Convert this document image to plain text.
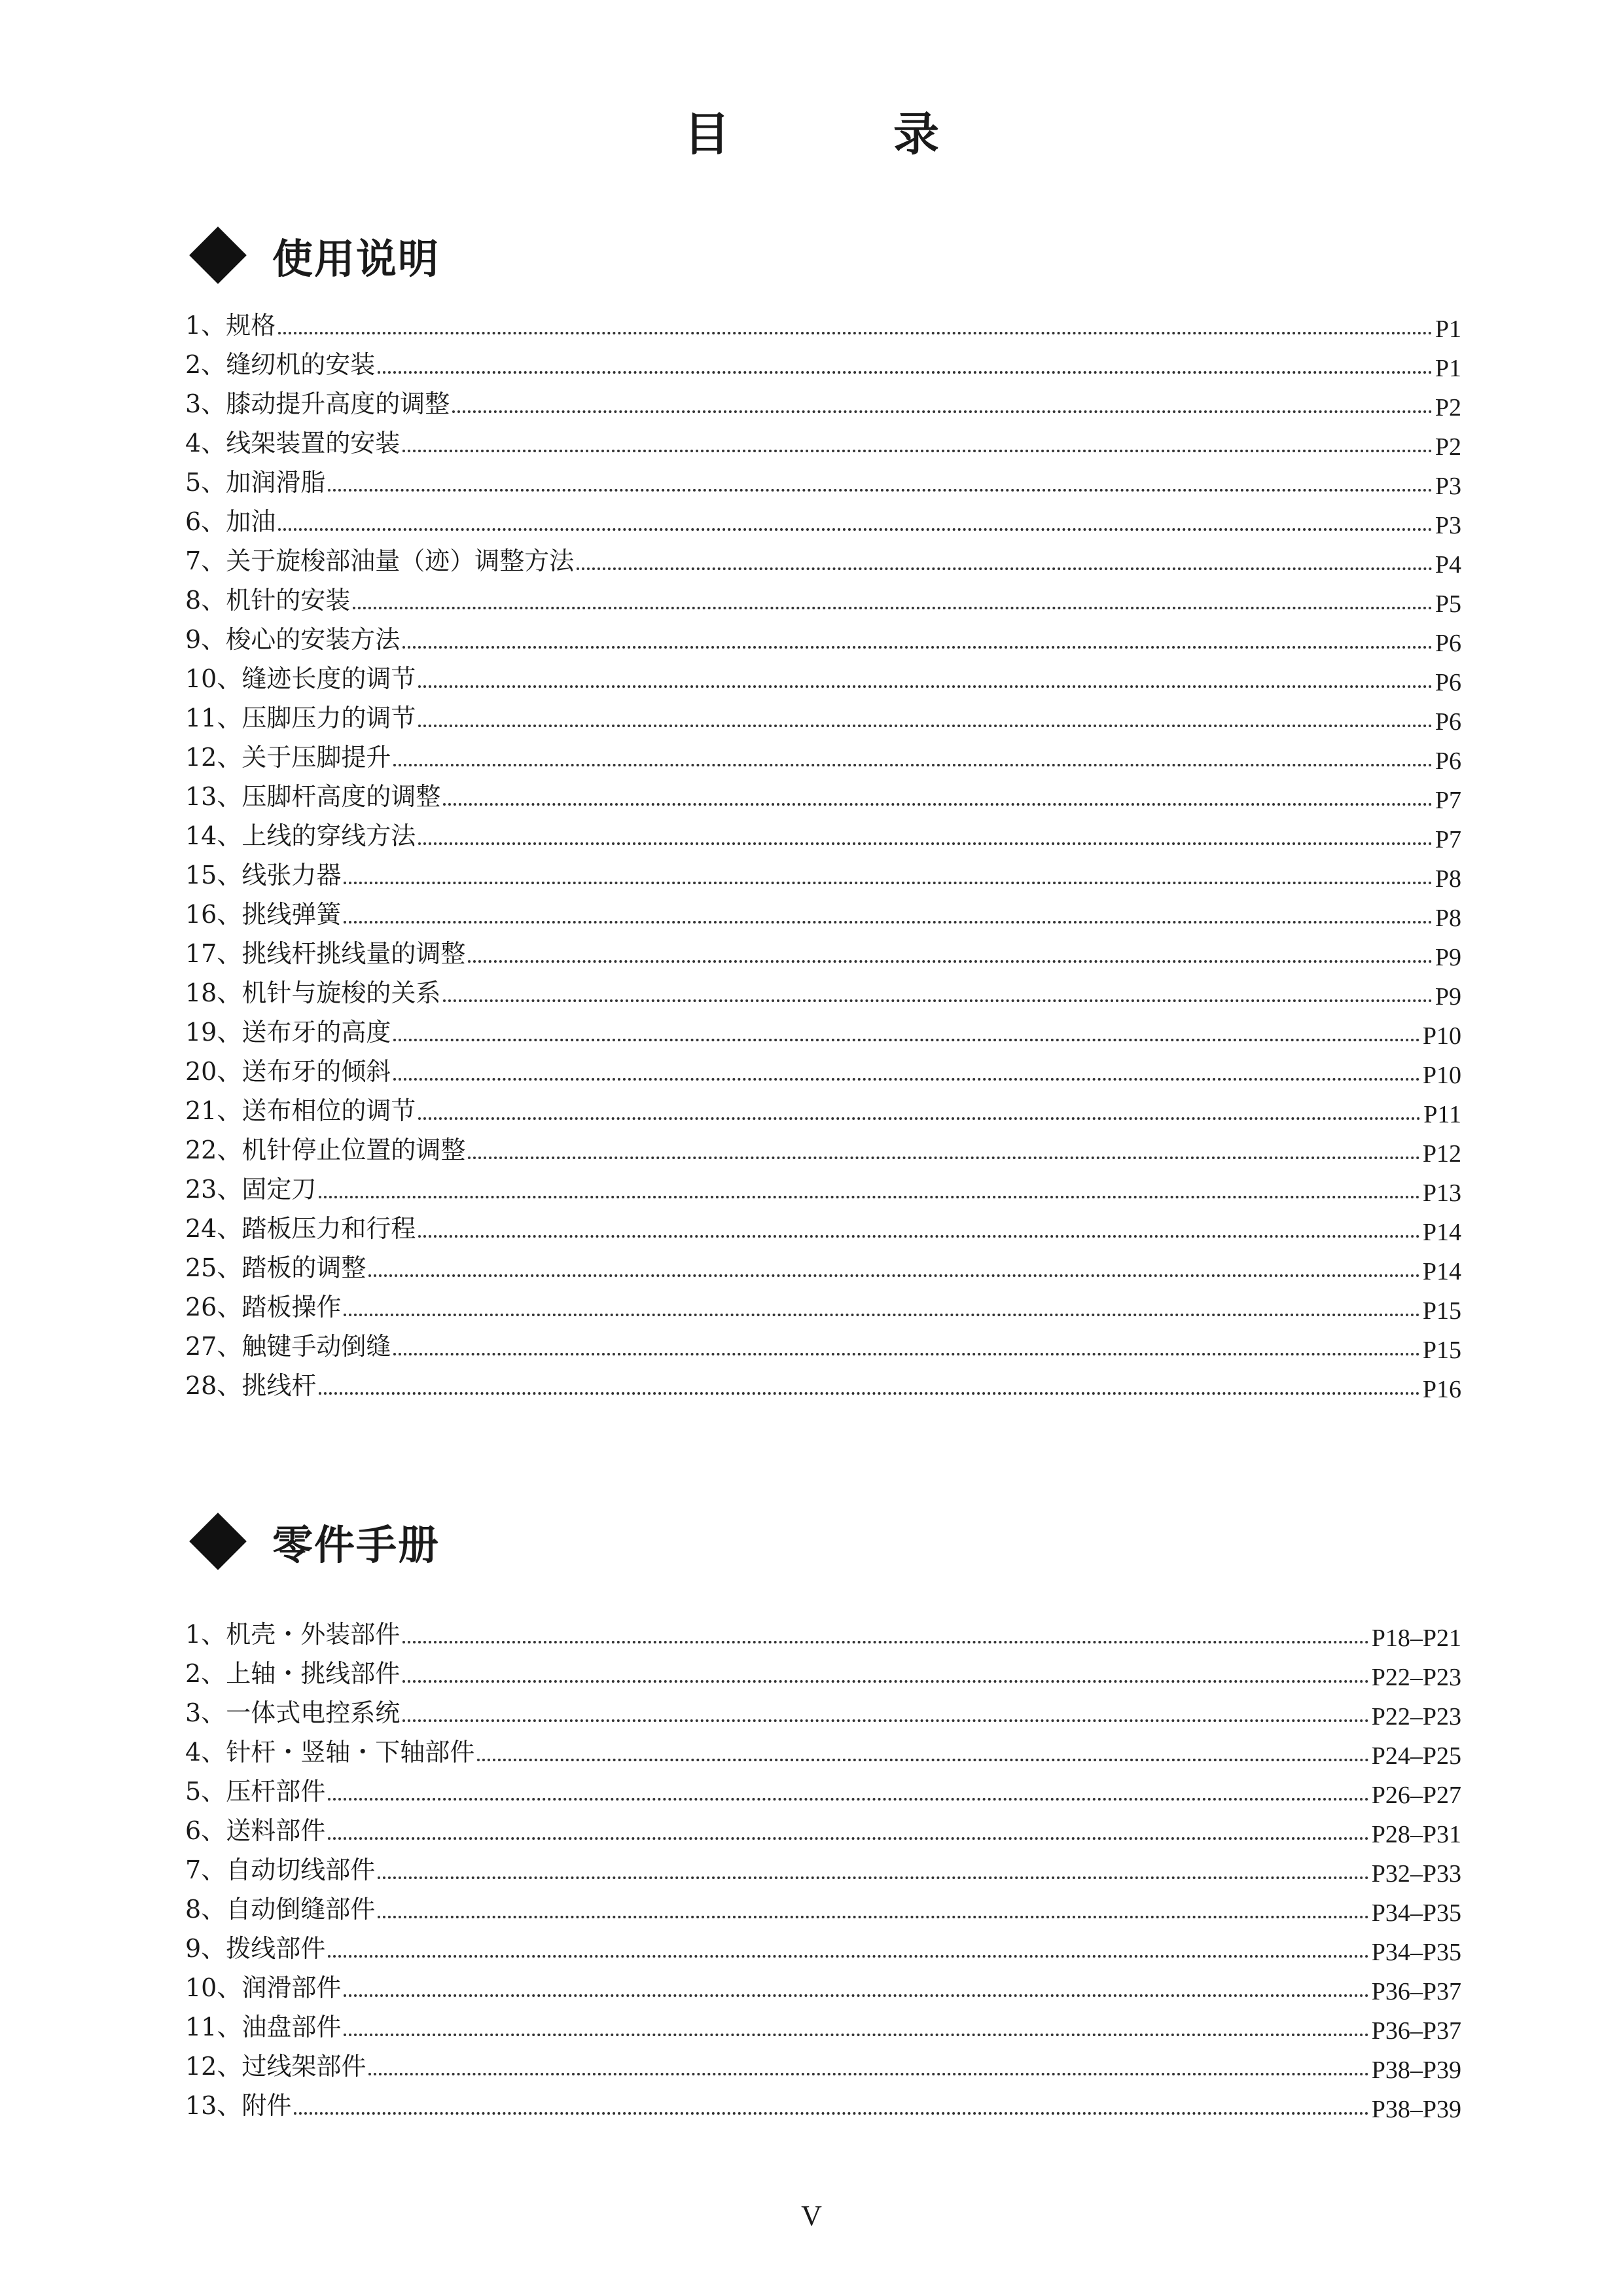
目　录
使用说明
1、 规格	P1
2、 缝纫机的安装	P1
3、 膝动提升高度的调整	P2
4、 线架装置的安装	P2
5、 加润滑脂	P3
6、 加油	P3
7、 关于旋梭部油量（迹）调整方法	P4
8、 机针的安装	P5
9、 梭心的安装方法	P6
10、 缝迹长度的调节	P6
11、 压脚压力的调节	P6
12、 关于压脚提升	P6
13、 压脚杆高度的调整	P7
14、 上线的穿线方法	P7
15、 线张力器	P8
16、 挑线弹簧	P8
17、 挑线杆挑线量的调整	P9
18、 机针与旋梭的关系	P9
19、 送布牙的高度	P10
20、 送布牙的倾斜	P10
21、 送布相位的调节	P11
22、 机针停止位置的调整	P12
23、 固定刀	P13
24、 踏板压力和行程	P14
25、 踏板的调整	P14
26、 踏板操作	P15
27、 触键手动倒缝	P15
28、 挑线杆	P16
零件手册
1、 机壳・外装部件	P18–P21
2、 上轴・挑线部件	P22–P23
3、 一体式电控系统	P22–P23
4、 针杆・竖轴・下轴部件	P24–P25
5、 压杆部件	P26–P27
6、 送料部件	P28–P31
7、 自动切线部件	P32–P33
8、 自动倒缝部件	P34–P35
9、 拨线部件	P34–P35
10、 润滑部件	P36–P37
11、 油盘部件	P36–P37
12、 过线架部件	P38–P39
13、 附件	P38–P39
V
